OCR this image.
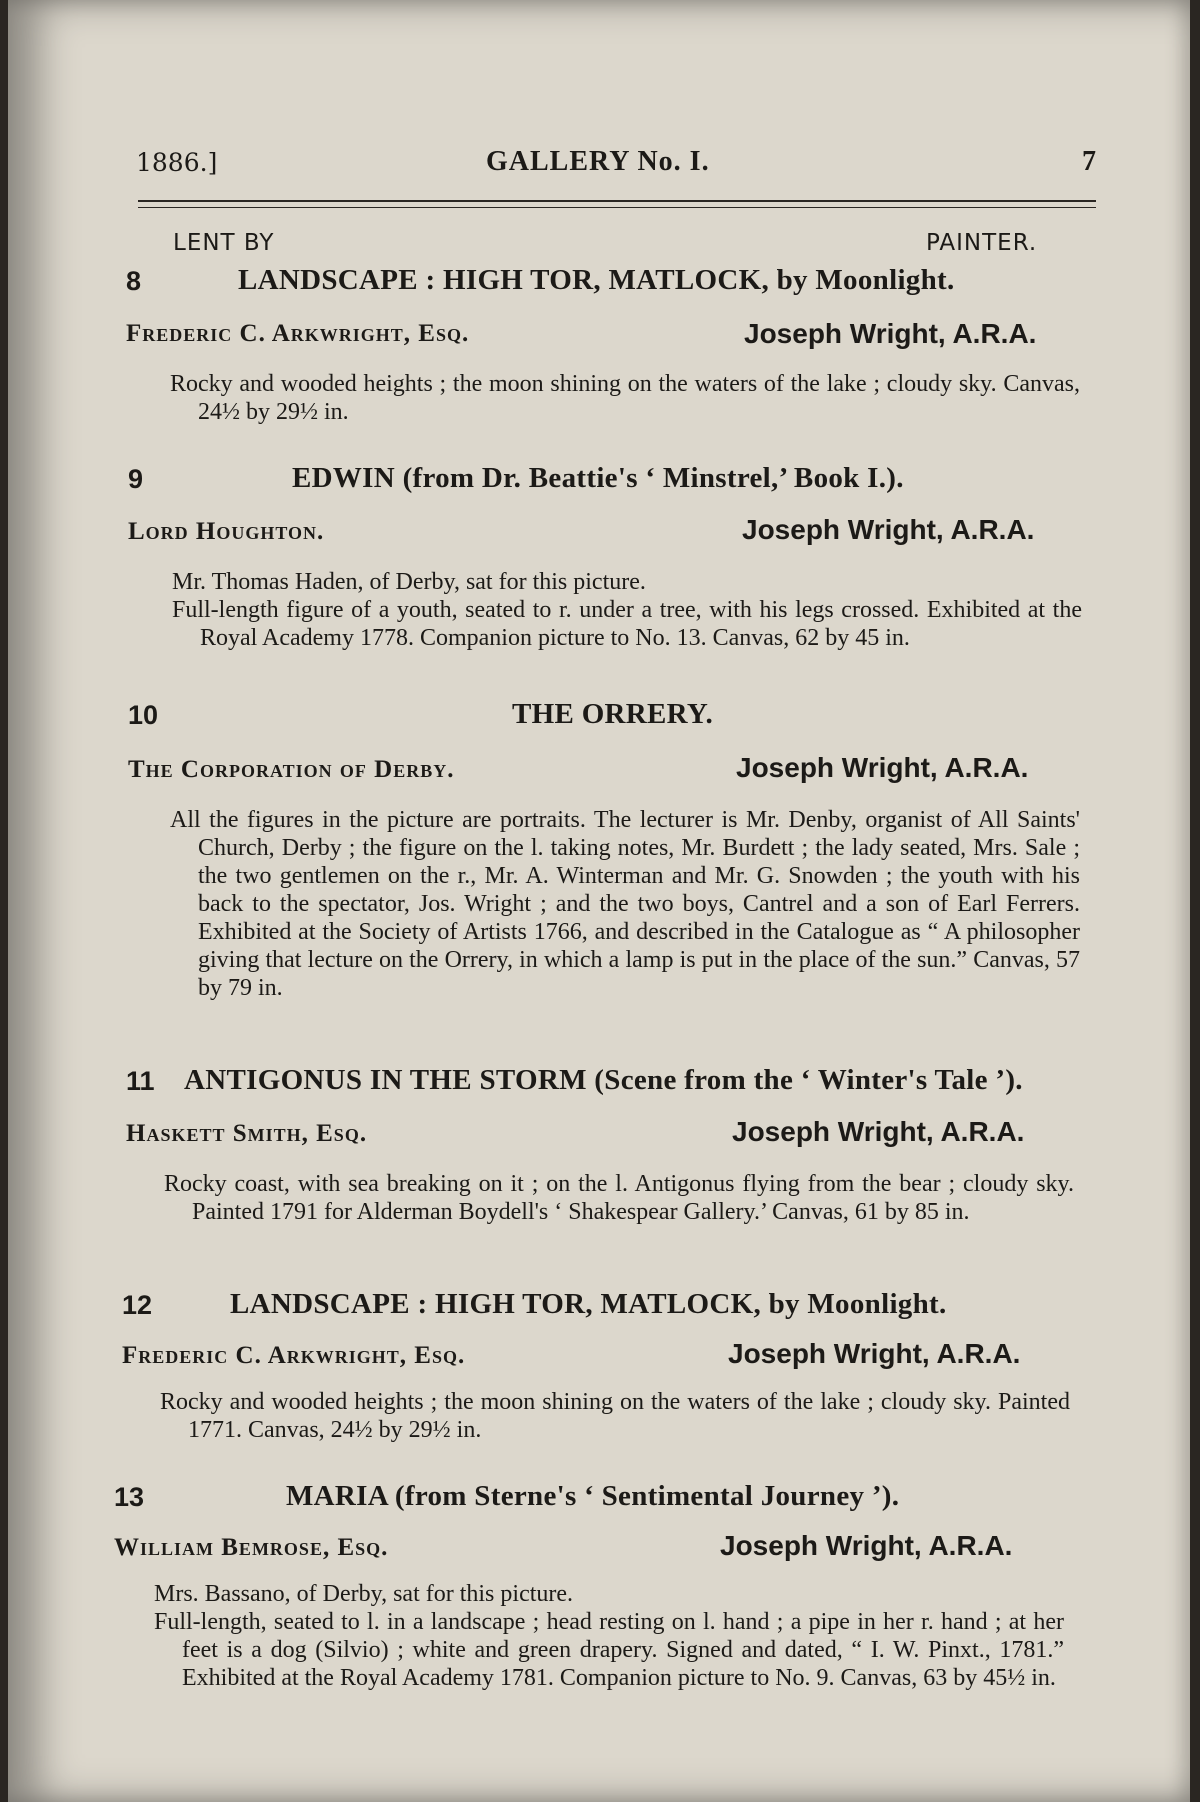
1886.]	GALLERY No. I.	7
LENT BY	PAINTER.
8	LANDSCAPE : HIGH TOR, MATLOCK, by Moonlight.
Frederic C. Arkwright, Esq.	Joseph Wright, A.R.A.

Rocky and wooded heights ; the moon shining on the waters of the lake ; cloudy sky. Canvas, 24½ by 29½ in.

9	EDWIN (from Dr. Beattie's ‘ Minstrel,’ Book I.).
Lord Houghton.	Joseph Wright, A.R.A.

Mr. Thomas Haden, of Derby, sat for this picture.

Full-length figure of a youth, seated to r. under a tree, with his legs crossed. Exhibited at the Royal Academy 1778. Companion picture to No. 13. Canvas, 62 by 45 in.

10	THE ORRERY.
The Corporation of Derby.	Joseph Wright, A.R.A.

All the figures in the picture are portraits. The lecturer is Mr. Denby, organist of All Saints' Church, Derby ; the figure on the l. taking notes, Mr. Burdett ; the lady seated, Mrs. Sale ; the two gentlemen on the r., Mr. A. Winterman and Mr. G. Snowden ; the youth with his back to the spectator, Jos. Wright ; and the two boys, Cantrel and a son of Earl Ferrers. Exhibited at the Society of Artists 1766, and described in the Catalogue as “ A philosopher giving that lecture on the Orrery, in which a lamp is put in the place of the sun.” Canvas, 57 by 79 in.

11 ANTIGONUS IN THE STORM (Scene from the ‘ Winter's Tale ’).
Haskett Smith, Esq.	Joseph Wright, A.R.A.

Rocky coast, with sea breaking on it ; on the l. Antigonus flying from the bear ; cloudy sky. Painted 1791 for Alderman Boydell's ‘ Shakespear Gallery.’ Canvas, 61 by 85 in.

12	LANDSCAPE : HIGH TOR, MATLOCK, by Moonlight.
Frederic C. Arkwright, Esq.	Joseph Wright, A.R.A.

Rocky and wooded heights ; the moon shining on the waters of the lake ; cloudy sky. Painted 1771. Canvas, 24½ by 29½ in.

13	MARIA (from Sterne's ‘ Sentimental Journey ’).
William Bemrose, Esq.	Joseph Wright, A.R.A.

Mrs. Bassano, of Derby, sat for this picture.

Full-length, seated to l. in a landscape ; head resting on l. hand ; a pipe in her r. hand ; at her feet is a dog (Silvio) ; white and green drapery. Signed and dated, “ I. W. Pinxt., 1781.” Exhibited at the Royal Academy 1781. Companion picture to No. 9. Canvas, 63 by 45½ in.
